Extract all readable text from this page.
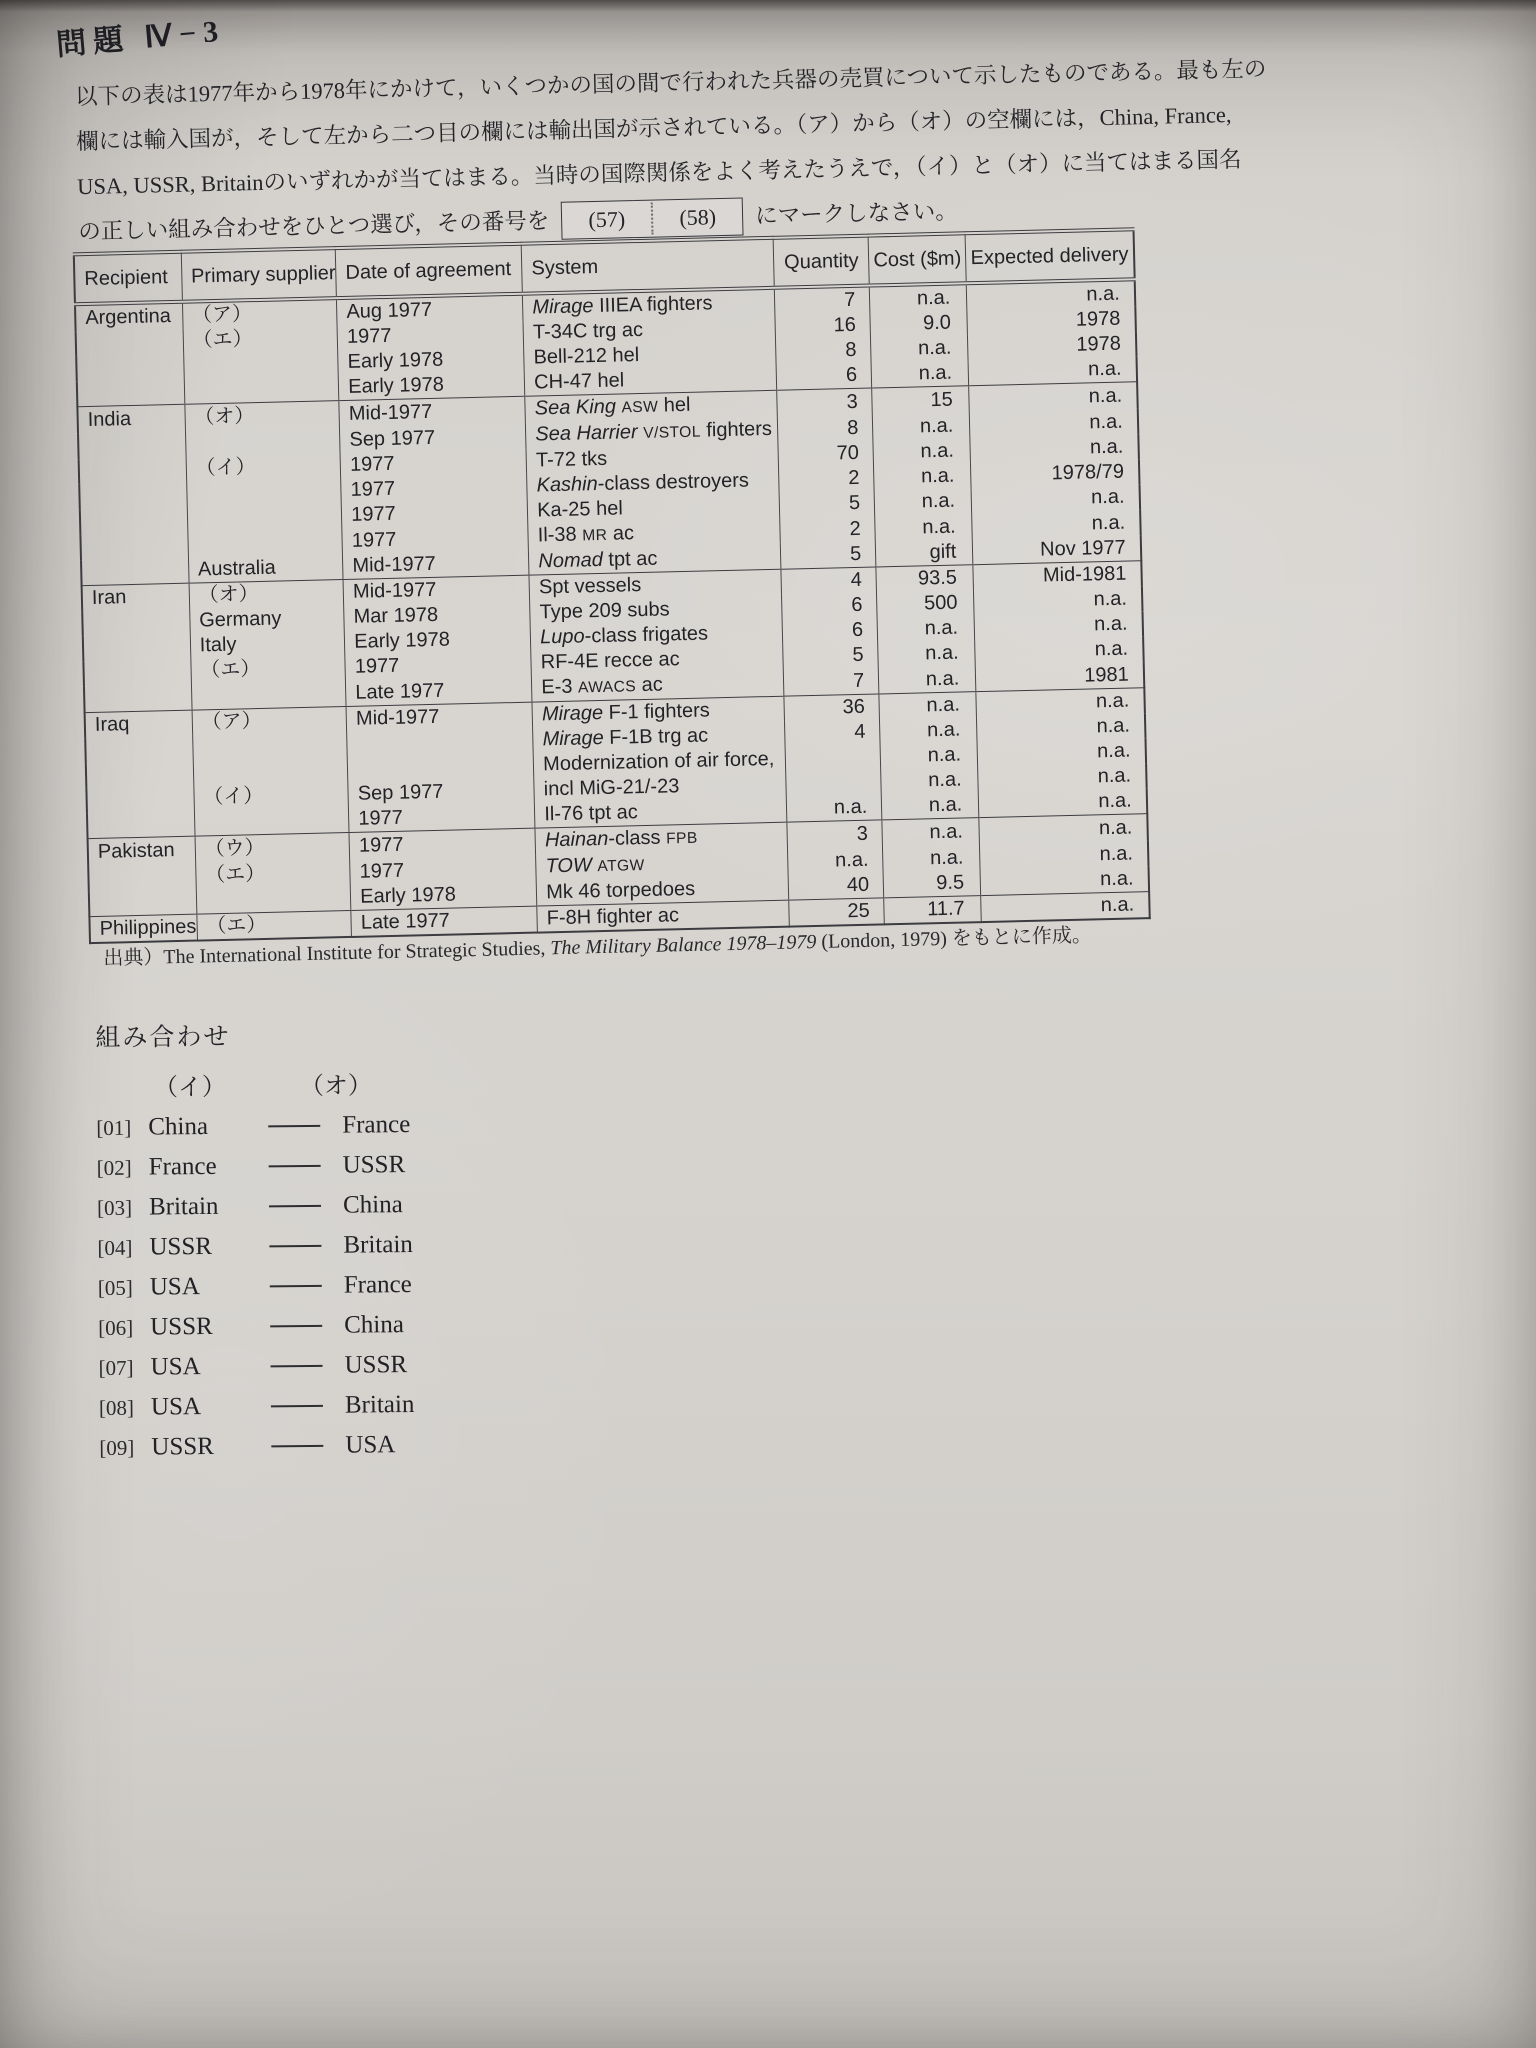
問題 Ⅳ−3
以下の表は1977年から1978年にかけて，いくつかの国の間で行われた兵器の売買について示したものである。最も左の
欄には輸入国が，そして左から二つ目の欄には輸出国が示されている。（ア）から（オ）の空欄には，China, France,
USA, USSR, Britainのいずれかが当てはまる。当時の国際関係をよく考えたうえで，（イ）と（オ）に当てはまる国名
の正しい組み合わせをひとつ選び，その番号を	(57)	(58)	にマークしなさい。
Recipient	Primary supplier	Date of agreement	System	Quantity	Cost ($m)	Expected delivery
Argentina	（ア）	Aug 1977	Mirage IIIEA fighters	7	n.a.	n.a.
	（エ）	1977	T-34C trg ac	16	9.0	1978
		Early 1978	Bell-212 hel	8	n.a.	1978
		Early 1978	CH-47 hel	6	n.a.	n.a.
India	（オ）	Mid-1977	Sea King ASW hel	3	15	n.a.
		Sep 1977	Sea Harrier V/STOL fighters	8	n.a.	n.a.
	（イ）	1977	T-72 tks	70	n.a.	n.a.
		1977	Kashin-class destroyers	2	n.a.	1978/79
		1977	Ka-25 hel	5	n.a.	n.a.
		1977	Il-38 MR ac	2	n.a.	n.a.
	Australia	Mid-1977	Nomad tpt ac	5	gift	Nov 1977
Iran	（オ）	Mid-1977	Spt vessels	4	93.5	Mid-1981
	Germany	Mar 1978	Type 209 subs	6	500	n.a.
	Italy	Early 1978	Lupo-class frigates	6	n.a.	n.a.
	（エ）	1977	RF-4E recce ac	5	n.a.	n.a.
		Late 1977	E-3 AWACS ac	7	n.a.	1981
Iraq	（ア）	Mid-1977	Mirage F-1 fighters	36	n.a.	n.a.
			Mirage F-1B trg ac	4	n.a.	n.a.
			Modernization of air force,		n.a.	n.a.
	（イ）	Sep 1977	incl MiG-21/-23		n.a.	n.a.
		1977	Il-76 tpt ac	n.a.	n.a.	n.a.
Pakistan	（ウ）	1977	Hainan-class FPB	3	n.a.	n.a.
	（エ）	1977	TOW ATGW	n.a.	n.a.	n.a.
		Early 1978	Mk 46 torpedoes	40	9.5	n.a.
Philippines	（エ）	Late 1977	F-8H fighter ac	25	11.7	n.a.
出典）The International Institute for Strategic Studies, The Military Balance 1978–1979 (London, 1979) をもとに作成。
組み合わせ
（イ）	（オ）
[01] China	France
[02] France	USSR
[03] Britain	China
[04] USSR	Britain
[05] USA	France
[06] USSR	China
[07] USA	USSR
[08] USA	Britain
[09] USSR	USA
